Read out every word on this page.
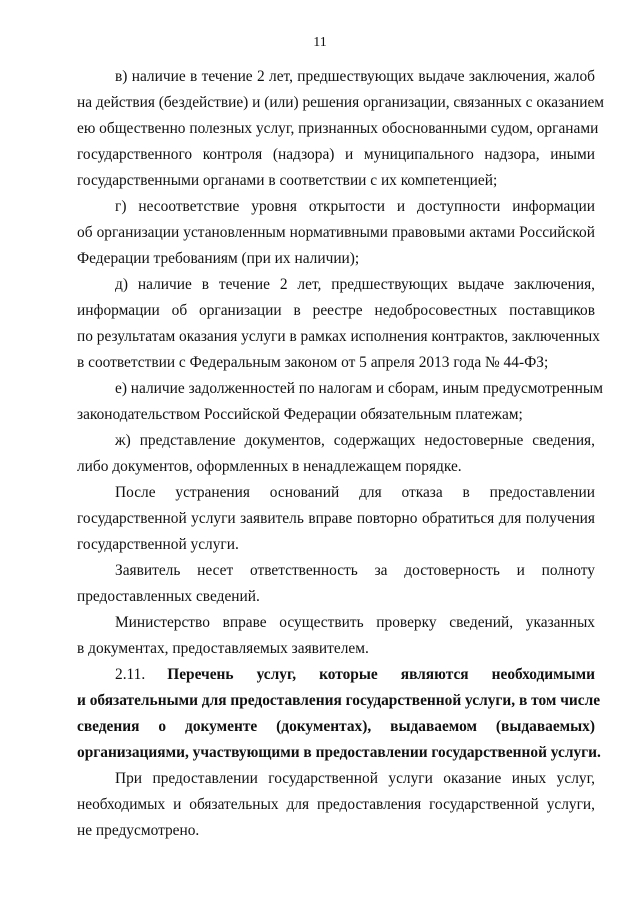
11
в) наличие в течение 2 лет, предшествующих выдаче заключения, жалоб
на действия (бездействие) и (или) решения организации, связанных с оказанием
ею общественно полезных услуг, признанных обоснованными судом, органами
государственного контроля (надзора) и муниципального надзора, иными
государственными органами в соответствии с их компетенцией;
г) несоответствие уровня открытости и доступности информации
об организации установленным нормативными правовыми актами Российской
Федерации требованиям (при их наличии);
д) наличие в течение 2 лет, предшествующих выдаче заключения,
информации об организации в реестре недобросовестных поставщиков
по результатам оказания услуги в рамках исполнения контрактов, заключенных
в соответствии с Федеральным законом от 5 апреля 2013 года № 44-ФЗ;
е) наличие задолженностей по налогам и сборам, иным предусмотренным
законодательством Российской Федерации обязательным платежам;
ж) представление документов, содержащих недостоверные сведения,
либо документов, оформленных в ненадлежащем порядке.
После устранения оснований для отказа в предоставлении
государственной услуги заявитель вправе повторно обратиться для получения
государственной услуги.
Заявитель несет ответственность за достоверность и полноту
предоставленных сведений.
Министерство вправе осуществить проверку сведений, указанных
в документах, предоставляемых заявителем.
2.11. Перечень услуг, которые являются необходимыми
и обязательными для предоставления государственной услуги, в том числе
сведения о документе (документах), выдаваемом (выдаваемых)
организациями, участвующими в предоставлении государственной услуги.
При предоставлении государственной услуги оказание иных услуг,
необходимых и обязательных для предоставления государственной услуги,
не предусмотрено.
